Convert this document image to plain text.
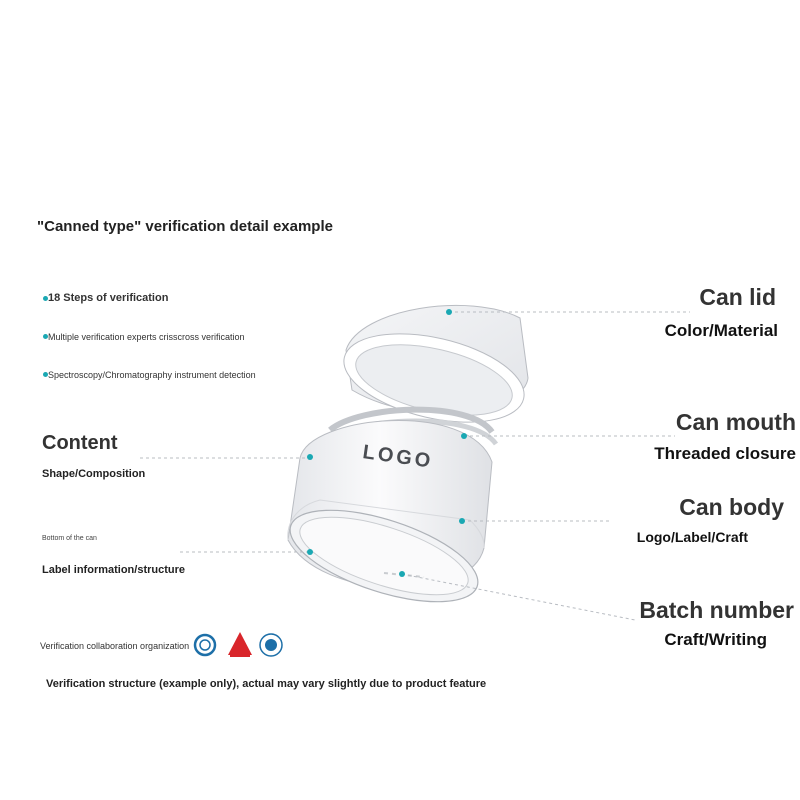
LOGO
"Canned type" verification detail example
18 Steps of verification
Multiple verification experts crisscross verification
Spectroscopy/Chromatography instrument detection
Content
Shape/Composition
Bottom of the can
Label information/structure
Can lid
Color/Material
Can mouth
Threaded closure
Can body
Logo/Label/Craft
Batch number
Craft/Writing
Verification collaboration organization
Verification structure (example only), actual may vary slightly due to product feature
